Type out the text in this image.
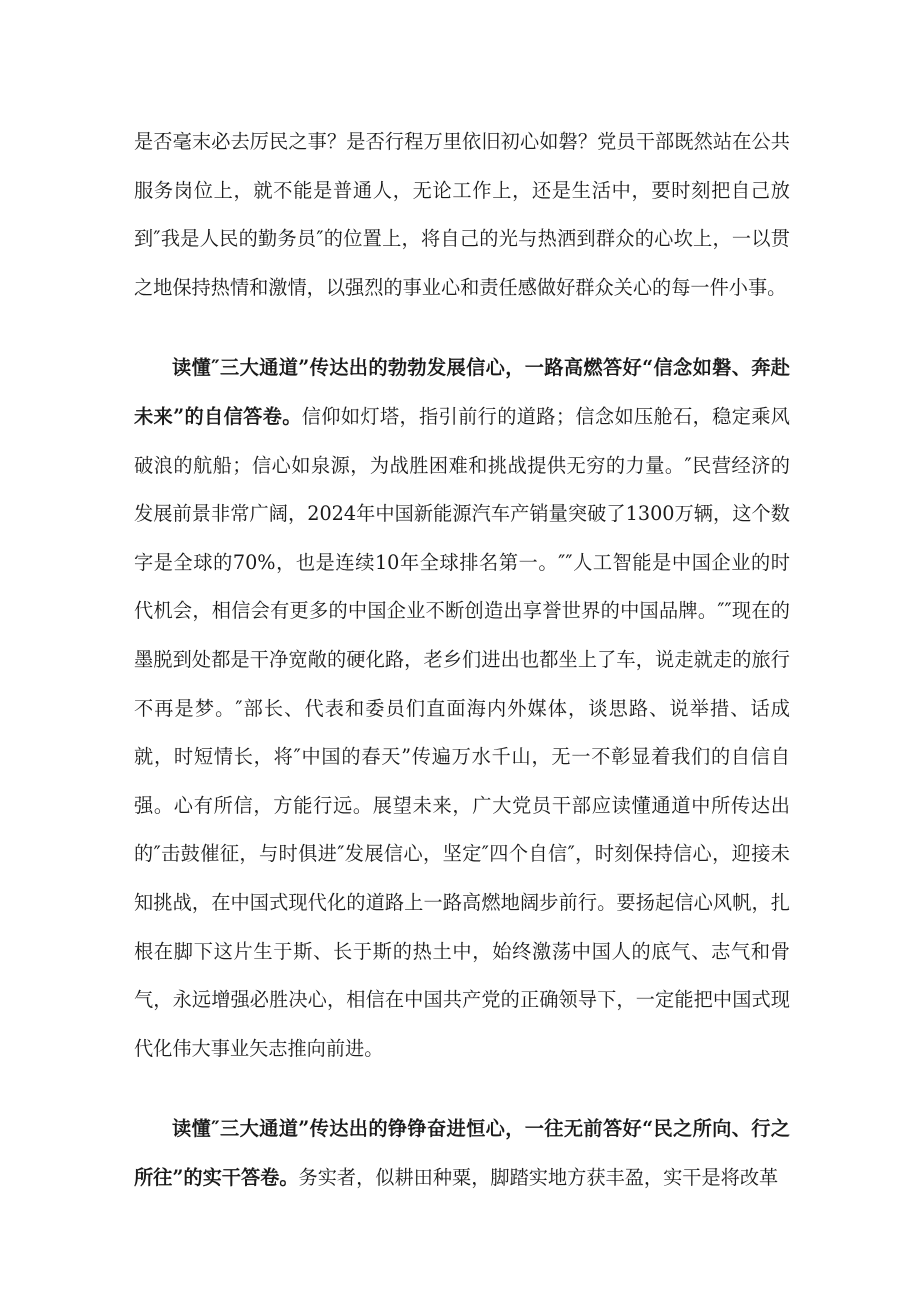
是否毫末必去厉民之事？是否行程万里依旧初心如磐？党员干部既然站在公共服务岗位上，就不能是普通人，无论工作上，还是生活中，要时刻把自己放到″我是人民的勤务员″的位置上，将自己的光与热洒到群众的心坎上，一以贯之地保持热情和激情，以强烈的事业心和责任感做好群众关心的每一件小事。

读懂″三大通道”传达出的勃勃发展信心，一路高燃答好“信念如磐、奔赴未来”的自信答卷。信仰如灯塔，指引前行的道路；信念如压舱石，稳定乘风破浪的航船；信心如泉源，为战胜困难和挑战提供无穷的力量。″民营经济的发展前景非常广阔，2024年中国新能源汽车产销量突破了1300万辆，这个数字是全球的70%，也是连续10年全球排名第一。″″人工智能是中国企业的时代机会，相信会有更多的中国企业不断创造出享誉世界的中国品牌。″″现在的墨脱到处都是干净宽敞的硬化路，老乡们进出也都坐上了车，说走就走的旅行不再是梦。″部长、代表和委员们直面海内外媒体，谈思路、说举措、话成就，时短情长，将″中国的春天”传遍万水千山，无一不彰显着我们的自信自强。心有所信，方能行远。展望未来，广大党员干部应读懂通道中所传达出的″击鼓催征，与时俱进″发展信心，坚定″四个自信″，时刻保持信心，迎接未知挑战，在中国式现代化的道路上一路高燃地阔步前行。要扬起信心风帆，扎根在脚下这片生于斯、长于斯的热土中，始终激荡中国人的底气、志气和骨气，永远增强必胜决心，相信在中国共产党的正确领导下，一定能把中国式现代化伟大事业矢志推向前进。

读懂″三大通道”传达出的铮铮奋进恒心，一往无前答好“民之所向、行之所往”的实干答卷。务实者，似耕田种粟，脚踏实地方获丰盈，实干是将改革
